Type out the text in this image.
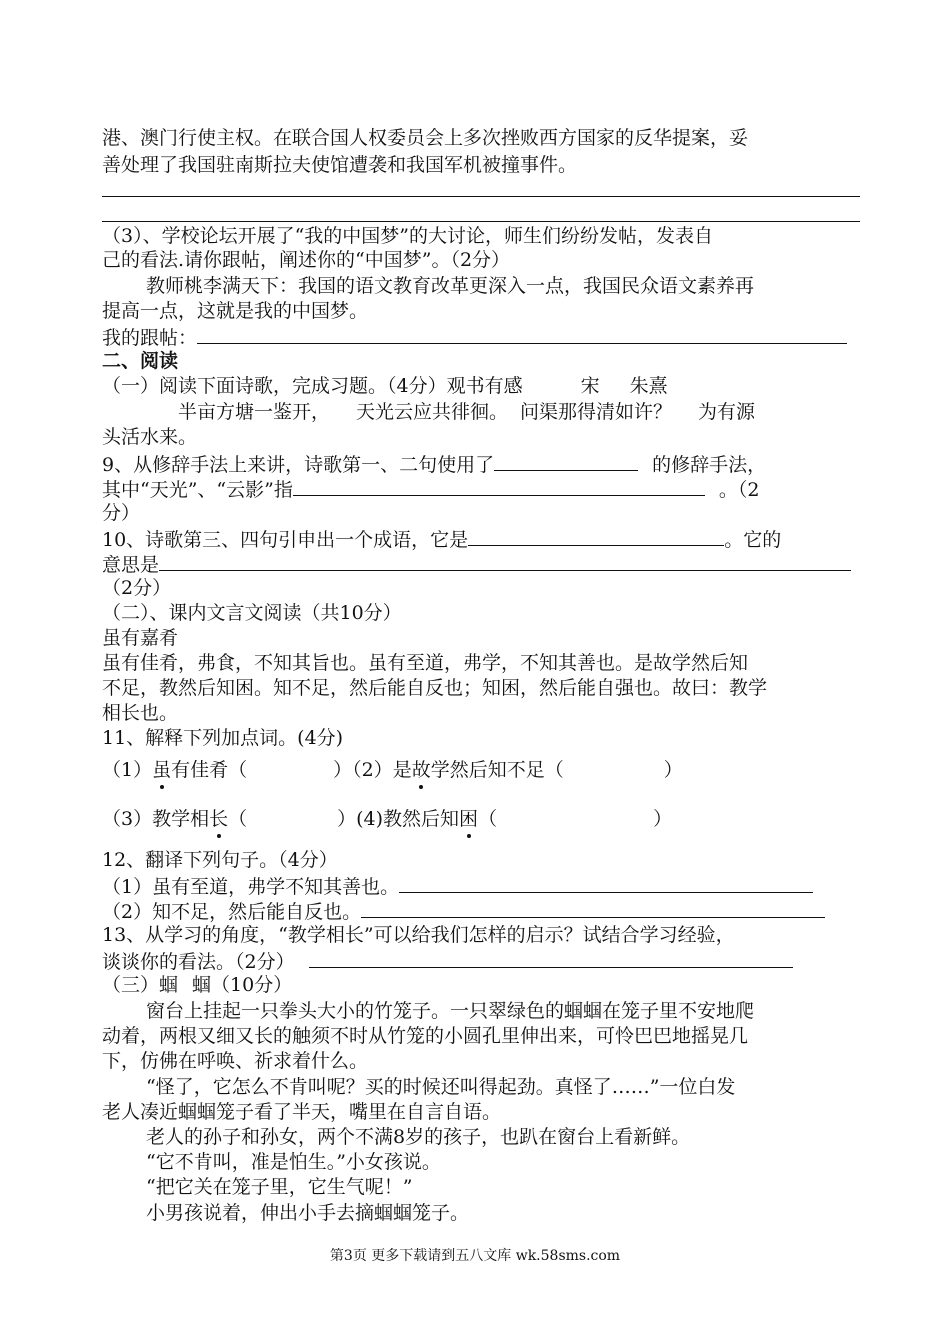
港、澳门行使主权。在联合国人权委员会上多次挫败西方国家的反华提案，妥
善处理了我国驻南斯拉夫使馆遭袭和我国军机被撞事件。
（3）、学校论坛开展了“我的中国梦”的大讨论，师生们纷纷发帖，发表自
己的看法.请你跟帖，阐述你的“中国梦”。（2分）
教师桃李满天下：我国的语文教育改革更深入一点，我国民众语文素养再
提高一点，这就是我的中国梦。
我的跟帖：
二、阅读
（一）阅读下面诗歌，完成习题。（4分）观书有感	宋 朱熹
半亩方塘一鉴开， 天光云应共徘徊。 问渠那得清如许？ 为有源
头活水来。
9、从修辞手法上来讲，诗歌第一、二句使用了	的修辞手法，
其中“天光”、“云影”指	。（2
分）
10、诗歌第三、四句引申出一个成语，它是	。它的
意思是
（2分）
（二）、课内文言文阅读（共10分）
虽有嘉肴
虽有佳肴，弗食，不知其旨也。虽有至道，弗学，不知其善也。是故学然后知
不足，教然后知困。知不足，然后能自反也；知困，然后能自强也。故曰：教学
相长也。
11、解释下列加点词。(4分)
（1）虽有佳肴（	）（2）是故学然后知不足（	）
（3）教学相长（	）(4)教然后知困（	）
12、翻译下列句子。（4分）
（1）虽有至道，弗学不知其善也。
（2）知不足，然后能自反也。
13、从学习的角度，“教学相长”可以给我们怎样的启示？试结合学习经验，
谈谈你的看法。（2分）
（三）蝈 蝈（10分）
窗台上挂起一只拳头大小的竹笼子。一只翠绿色的蝈蝈在笼子里不安地爬
动着，两根又细又长的触须不时从竹笼的小圆孔里伸出来，可怜巴巴地摇晃几
下，仿佛在呼唤、祈求着什么。
“怪了，它怎么不肯叫呢？买的时候还叫得起劲。真怪了……”一位白发
老人凑近蝈蝈笼子看了半天，嘴里在自言自语。
老人的孙子和孙女，两个不满8岁的孩子，也趴在窗台上看新鲜。
“它不肯叫，准是怕生。”小女孩说。
“把它关在笼子里，它生气呢！”
小男孩说着，伸出小手去摘蝈蝈笼子。
第3页 更多下载请到五八文库 wk.58sms.com
